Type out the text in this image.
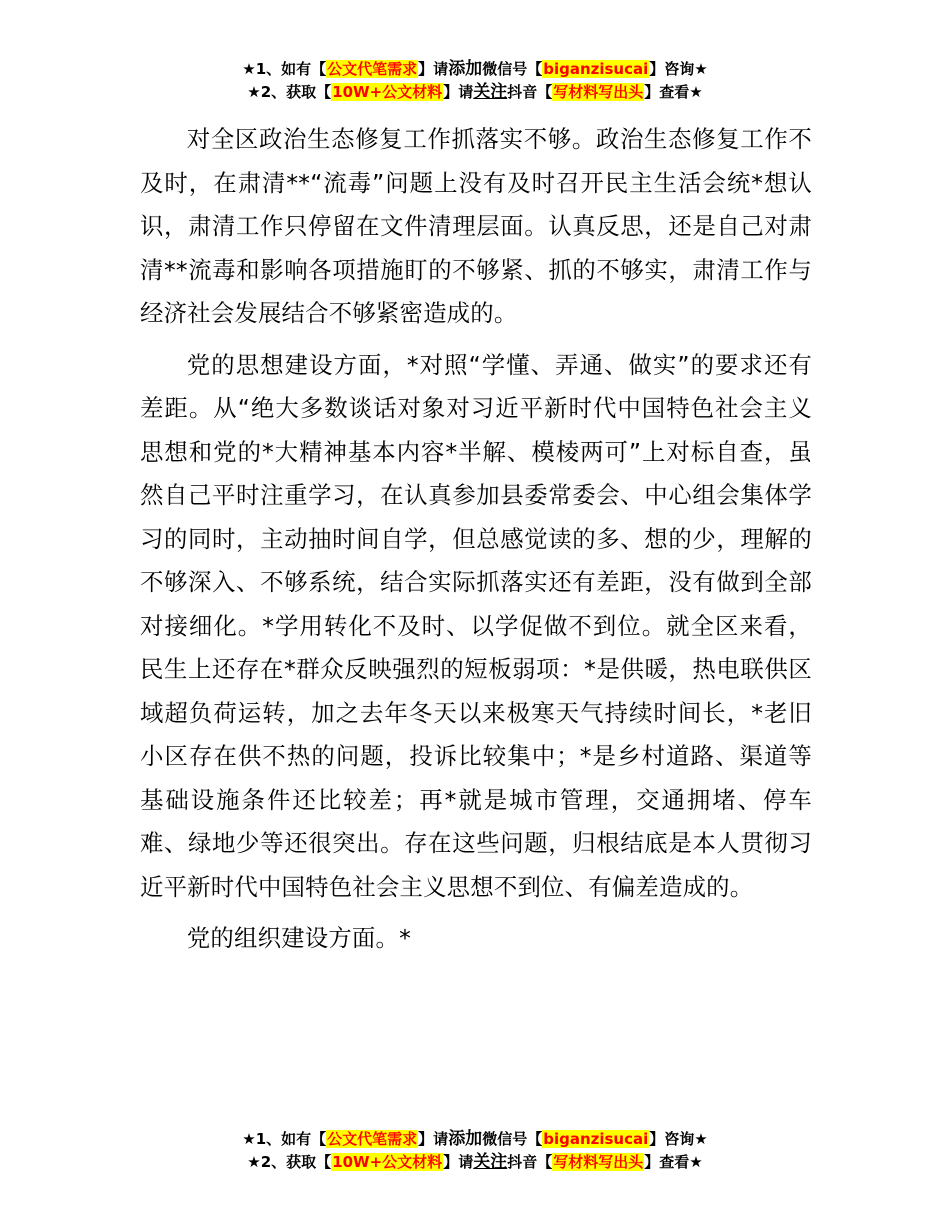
★1、如有【公文代笔需求】请添加微信号【biganzisucai】咨询★
★2、获取【10W+公文材料】请关注抖音【写材料写出头】查看★

对全区政治生态修复工作抓落实不够。政治生态修复工作不及时，在肃清**“流毒”问题上没有及时召开民主生活会统*想认识，肃清工作只停留在文件清理层面。认真反思，还是自己对肃清**流毒和影响各项措施盯的不够紧、抓的不够实，肃清工作与经济社会发展结合不够紧密造成的。

党的思想建设方面，*对照“学懂、弄通、做实”的要求还有差距。从“绝大多数谈话对象对习近平新时代中国特色社会主义思想和党的*大精神基本内容*半解、模棱两可”上对标自查，虽然自己平时注重学习，在认真参加县委常委会、中心组会集体学习的同时，主动抽时间自学，但总感觉读的多、想的少，理解的不够深入、不够系统，结合实际抓落实还有差距，没有做到全部对接细化。*学用转化不及时、以学促做不到位。就全区来看，民生上还存在*群众反映强烈的短板弱项：*是供暖，热电联供区域超负荷运转，加之去年冬天以来极寒天气持续时间长，*老旧小区存在供不热的问题，投诉比较集中；*是乡村道路、渠道等基础设施条件还比较差；再*就是城市管理，交通拥堵、停车难、绿地少等还很突出。存在这些问题，归根结底是本人贯彻习近平新时代中国特色社会主义思想不到位、有偏差造成的。

党的组织建设方面。*

★1、如有【公文代笔需求】请添加微信号【biganzisucai】咨询★
★2、获取【10W+公文材料】请关注抖音【写材料写出头】查看★
